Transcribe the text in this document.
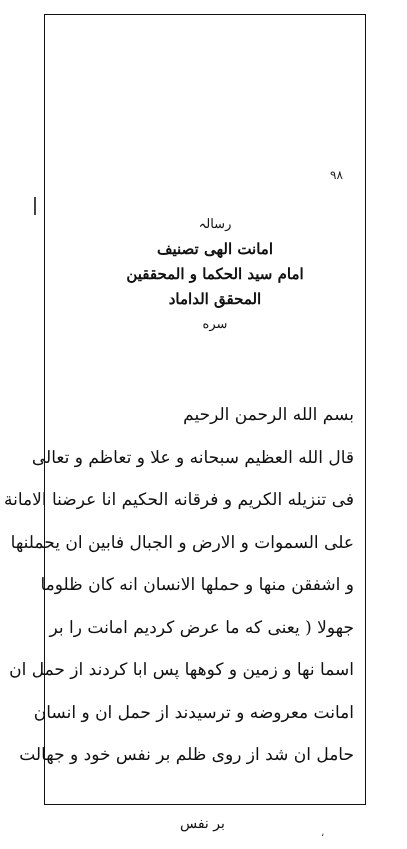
۹۸
رسالہ
امانت الهی تصنیف
امام سید الحکما و المحققین
المحقق الداماد
سره
بسم الله الرحمن الرحیم
قال الله العظیم سبحانه و علا و تعاظم و تعالی
فی تنزیله الکریم و فرقانه الحکیم انا عرضنا الامانة
علی السموات و الارض و الجبال فابین ان یحملنها
و اشفقن منها و حملها الانسان انه کان ظلوما
جهولا ( یعنی که ما عرض کردیم امانت را بر
اسما نها و زمین و کوهها پس ابا کردند از حمل ان
امانت معروضه و ترسیدند از حمل ان و انسان
حامل ان شد از روی ظلم بر نفس خود و جهالت
بر نفس
،
